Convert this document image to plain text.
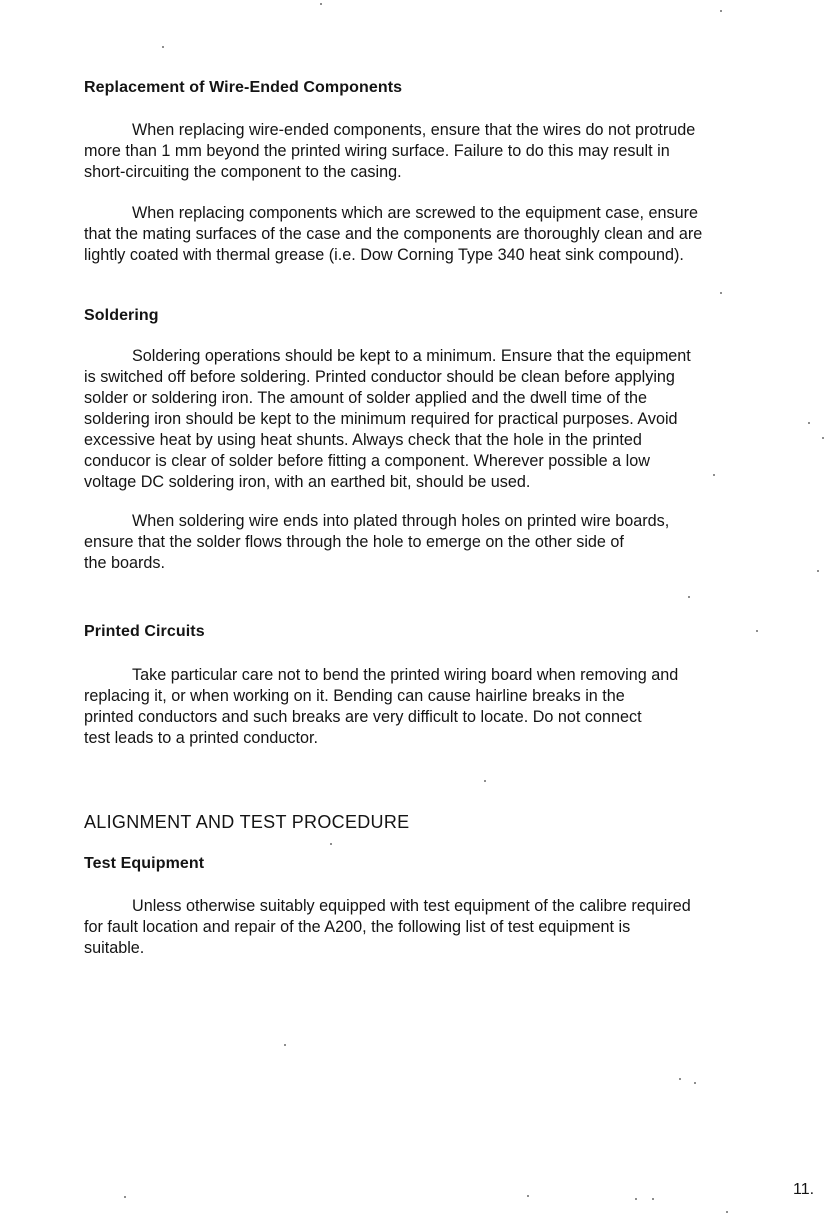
Replacement of Wire-Ended Components

When replacing wire-ended components, ensure that the wires do not protrude
more than 1 mm beyond the printed wiring surface. Failure to do this may result in
short-circuiting the component to the casing.

When replacing components which are screwed to the equipment case, ensure
that the mating surfaces of the case and the components are thoroughly clean and are
lightly coated with thermal grease (i.e. Dow Corning Type 340 heat sink compound).

Soldering

Soldering operations should be kept to a minimum. Ensure that the equipment
is switched off before soldering. Printed conductor should be clean before applying
solder or soldering iron. The amount of solder applied and the dwell time of the
soldering iron should be kept to the minimum required for practical purposes. Avoid
excessive heat by using heat shunts. Always check that the hole in the printed
conducor is clear of solder before fitting a component. Wherever possible a low
voltage DC soldering iron, with an earthed bit, should be used.

When soldering wire ends into plated through holes on printed wire boards,
ensure that the solder flows through the hole to emerge on the other side of
the boards.

Printed Circuits

Take particular care not to bend the printed wiring board when removing and
replacing it, or when working on it. Bending can cause hairline breaks in the
printed conductors and such breaks are very difficult to locate. Do not connect
test leads to a printed conductor.

ALIGNMENT AND TEST PROCEDURE
Test Equipment

Unless otherwise suitably equipped with test equipment of the calibre required
for fault location and repair of the A200, the following list of test equipment is
suitable.

11.
